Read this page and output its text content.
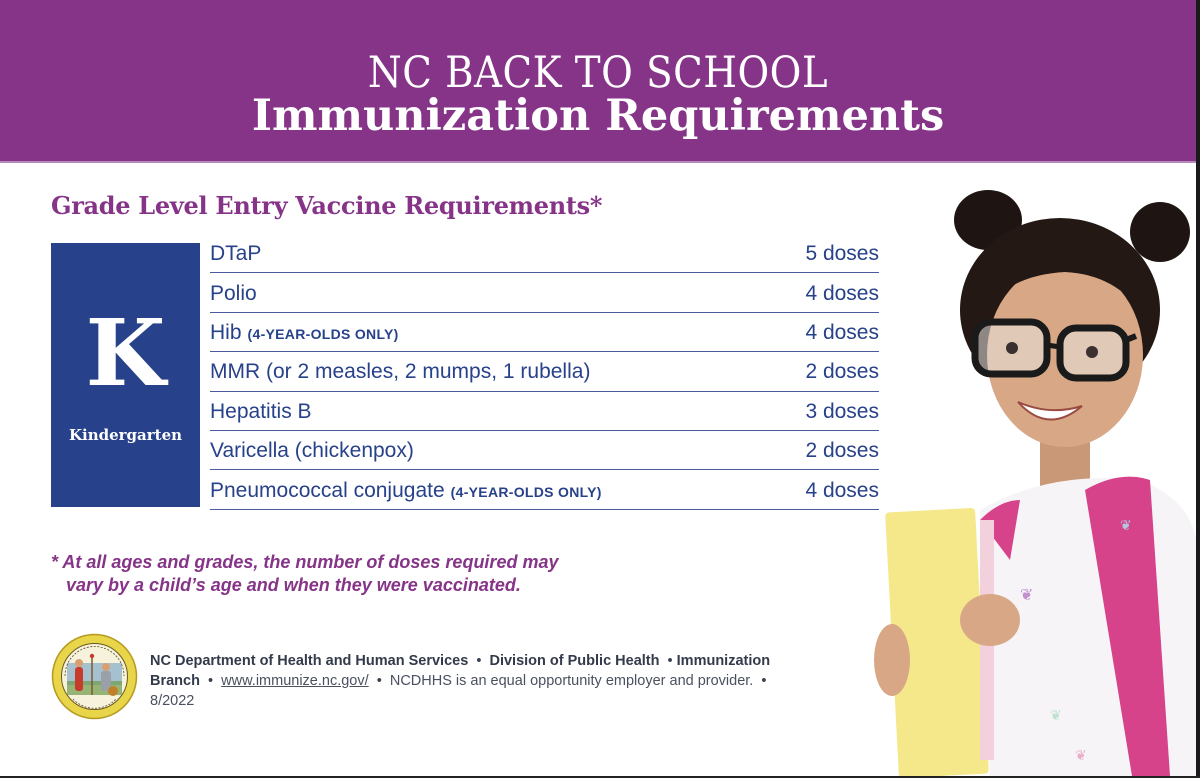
NC BACK TO SCHOOL
Immunization Requirements
Grade Level Entry Vaccine Requirements*
K
Kindergarten
DTaP	5 doses
Polio	4 doses
Hib (4-YEAR-OLDS ONLY)	4 doses
MMR (or 2 measles, 2 mumps, 1 rubella)	2 doses
Hepatitis B	3 doses
Varicella (chickenpox)	2 doses
Pneumococcal conjugate (4-YEAR-OLDS ONLY)	4 doses
* At all ages and grades, the number of doses required may
vary by a child’s age and when they were vaccinated.
NC Department of Health and Human Services • Division of Public Health • Immunization Branch • www.immunize.nc.gov/ • NCDHHS is an equal opportunity employer and provider. •  8/2022
❦
❦
❦
❦
